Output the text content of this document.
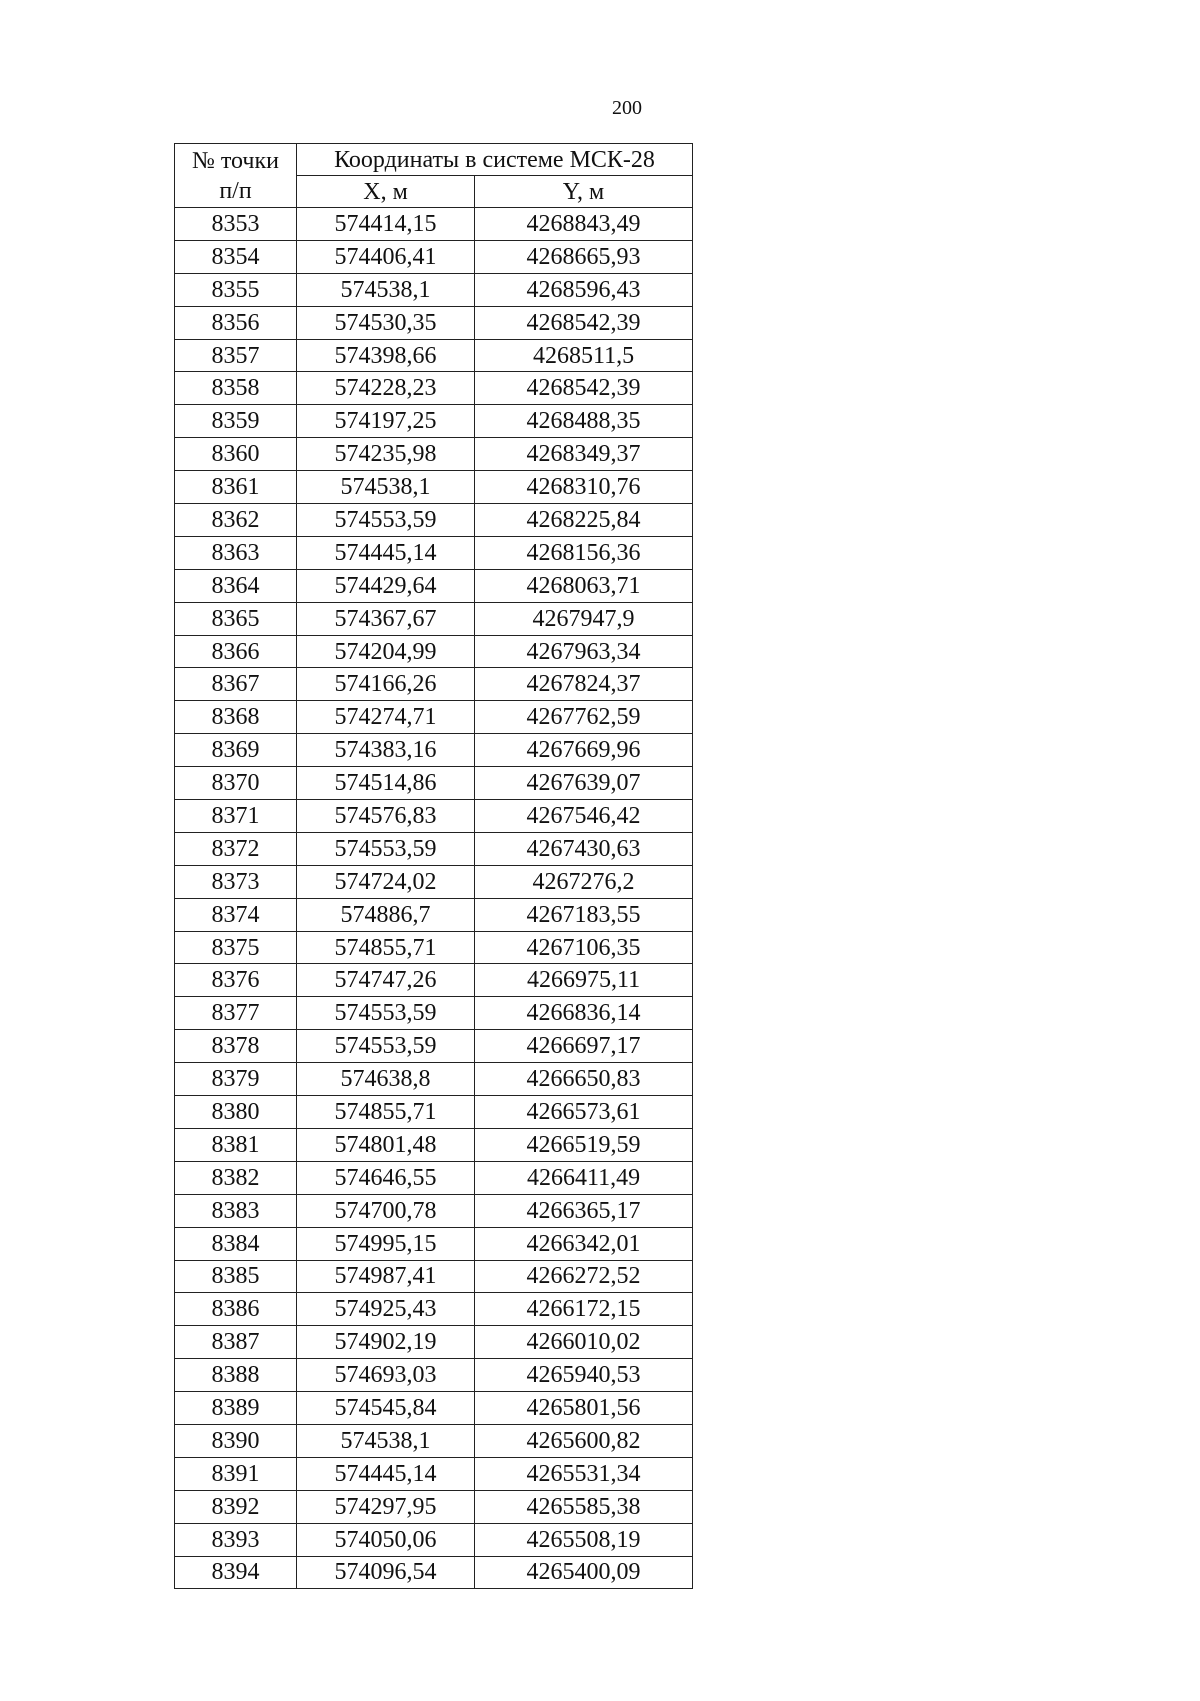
200
№ точки
п/п	Координаты в системе МСК-28	
	X, м	Y, м
8353	574414,15	4268843,49
8354	574406,41	4268665,93
8355	574538,1	4268596,43
8356	574530,35	4268542,39
8357	574398,66	4268511,5
8358	574228,23	4268542,39
8359	574197,25	4268488,35
8360	574235,98	4268349,37
8361	574538,1	4268310,76
8362	574553,59	4268225,84
8363	574445,14	4268156,36
8364	574429,64	4268063,71
8365	574367,67	4267947,9
8366	574204,99	4267963,34
8367	574166,26	4267824,37
8368	574274,71	4267762,59
8369	574383,16	4267669,96
8370	574514,86	4267639,07
8371	574576,83	4267546,42
8372	574553,59	4267430,63
8373	574724,02	4267276,2
8374	574886,7	4267183,55
8375	574855,71	4267106,35
8376	574747,26	4266975,11
8377	574553,59	4266836,14
8378	574553,59	4266697,17
8379	574638,8	4266650,83
8380	574855,71	4266573,61
8381	574801,48	4266519,59
8382	574646,55	4266411,49
8383	574700,78	4266365,17
8384	574995,15	4266342,01
8385	574987,41	4266272,52
8386	574925,43	4266172,15
8387	574902,19	4266010,02
8388	574693,03	4265940,53
8389	574545,84	4265801,56
8390	574538,1	4265600,82
8391	574445,14	4265531,34
8392	574297,95	4265585,38
8393	574050,06	4265508,19
8394	574096,54	4265400,09
